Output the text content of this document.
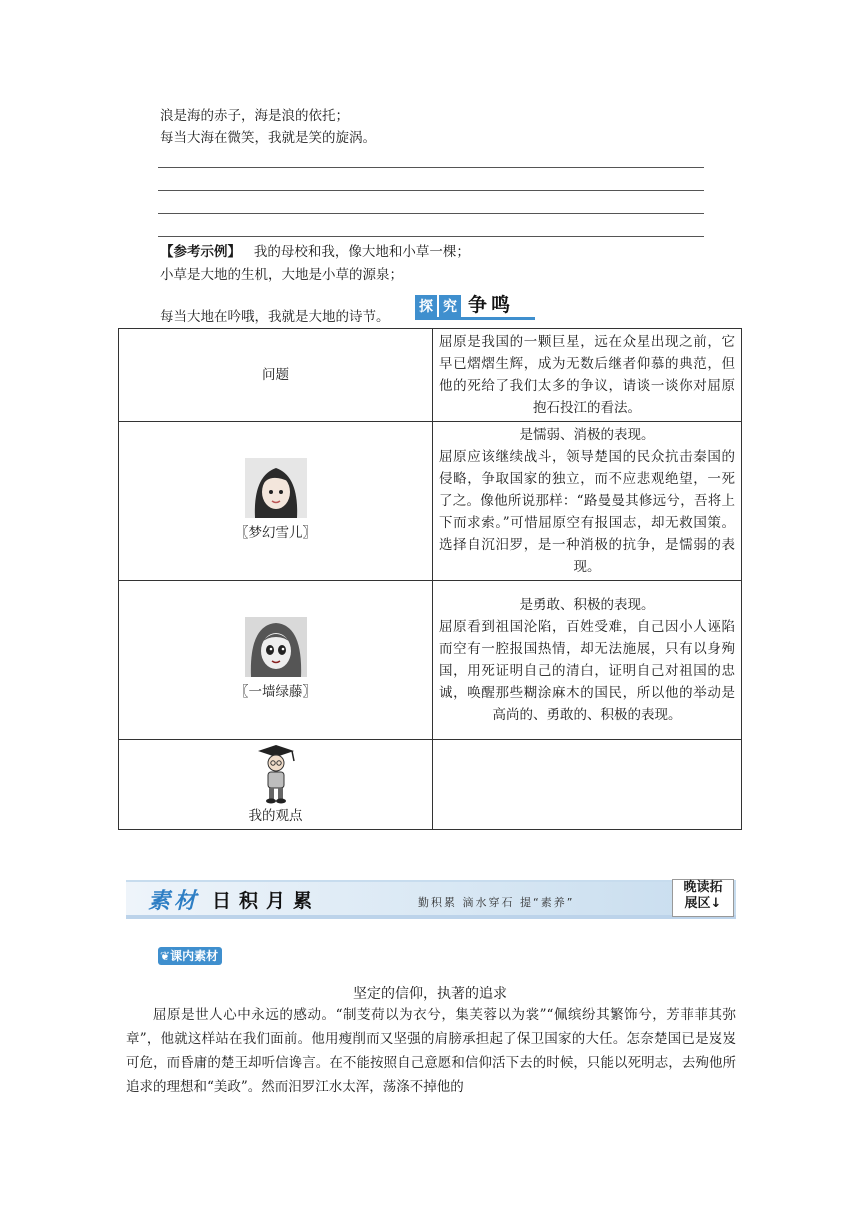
浪是海的赤子，海是浪的依托；
每当大海在微笑，我就是笑的旋涡。
【参考示例】 我的母校和我，像大地和小草一棵；
小草是大地的生机，大地是小草的源泉；
每当大地在吟哦，我就是大地的诗节。
探 究 争鸣
问题	屈原是我国的一颗巨星，远在众星出现之前，它早已熠熠生辉，成为无数后继者仰慕的典范，但他的死给了我们太多的争议，请谈一谈你对屈原抱石投江的看法。

〖梦幻雪儿〗	是懦弱、消极的表现。
屈原应该继续战斗，领导楚国的民众抗击秦国的侵略，争取国家的独立，而不应悲观绝望，一死了之。像他所说那样：“路曼曼其修远兮，吾将上下而求索。”可惜屈原空有报国志，却无救国策。选择自沉汨罗，是一种消极的抗争，是懦弱的表现。

〖一墙绿藤〗	是勇敢、积极的表现。
屈原看到祖国沦陷，百姓受难，自己因小人诬陷而空有一腔报国热情，却无法施展，只有以身殉国，用死证明自己的清白，证明自己对祖国的忠诚，唤醒那些糊涂麻木的国民，所以他的举动是高尚的、勇敢的、积极的表现。

我的观点	
素材 日积月累	勤积累 滴水穿石 提“素养”
晚读拓
展区↓
❦课内素材
坚定的信仰，执著的追求
屈原是世人心中永远的感动。“制芰荷以为衣兮，集芙蓉以为裳”“佩缤纷其繁饰兮，芳菲菲其弥章”，他就这样站在我们面前。他用瘦削而又坚强的肩膀承担起了保卫国家的大任。怎奈楚国已是岌岌可危，而昏庸的楚王却听信谗言。在不能按照自己意愿和信仰活下去的时候，只能以死明志，去殉他所追求的理想和“美政”。然而汨罗江水太浑，荡涤不掉他的
